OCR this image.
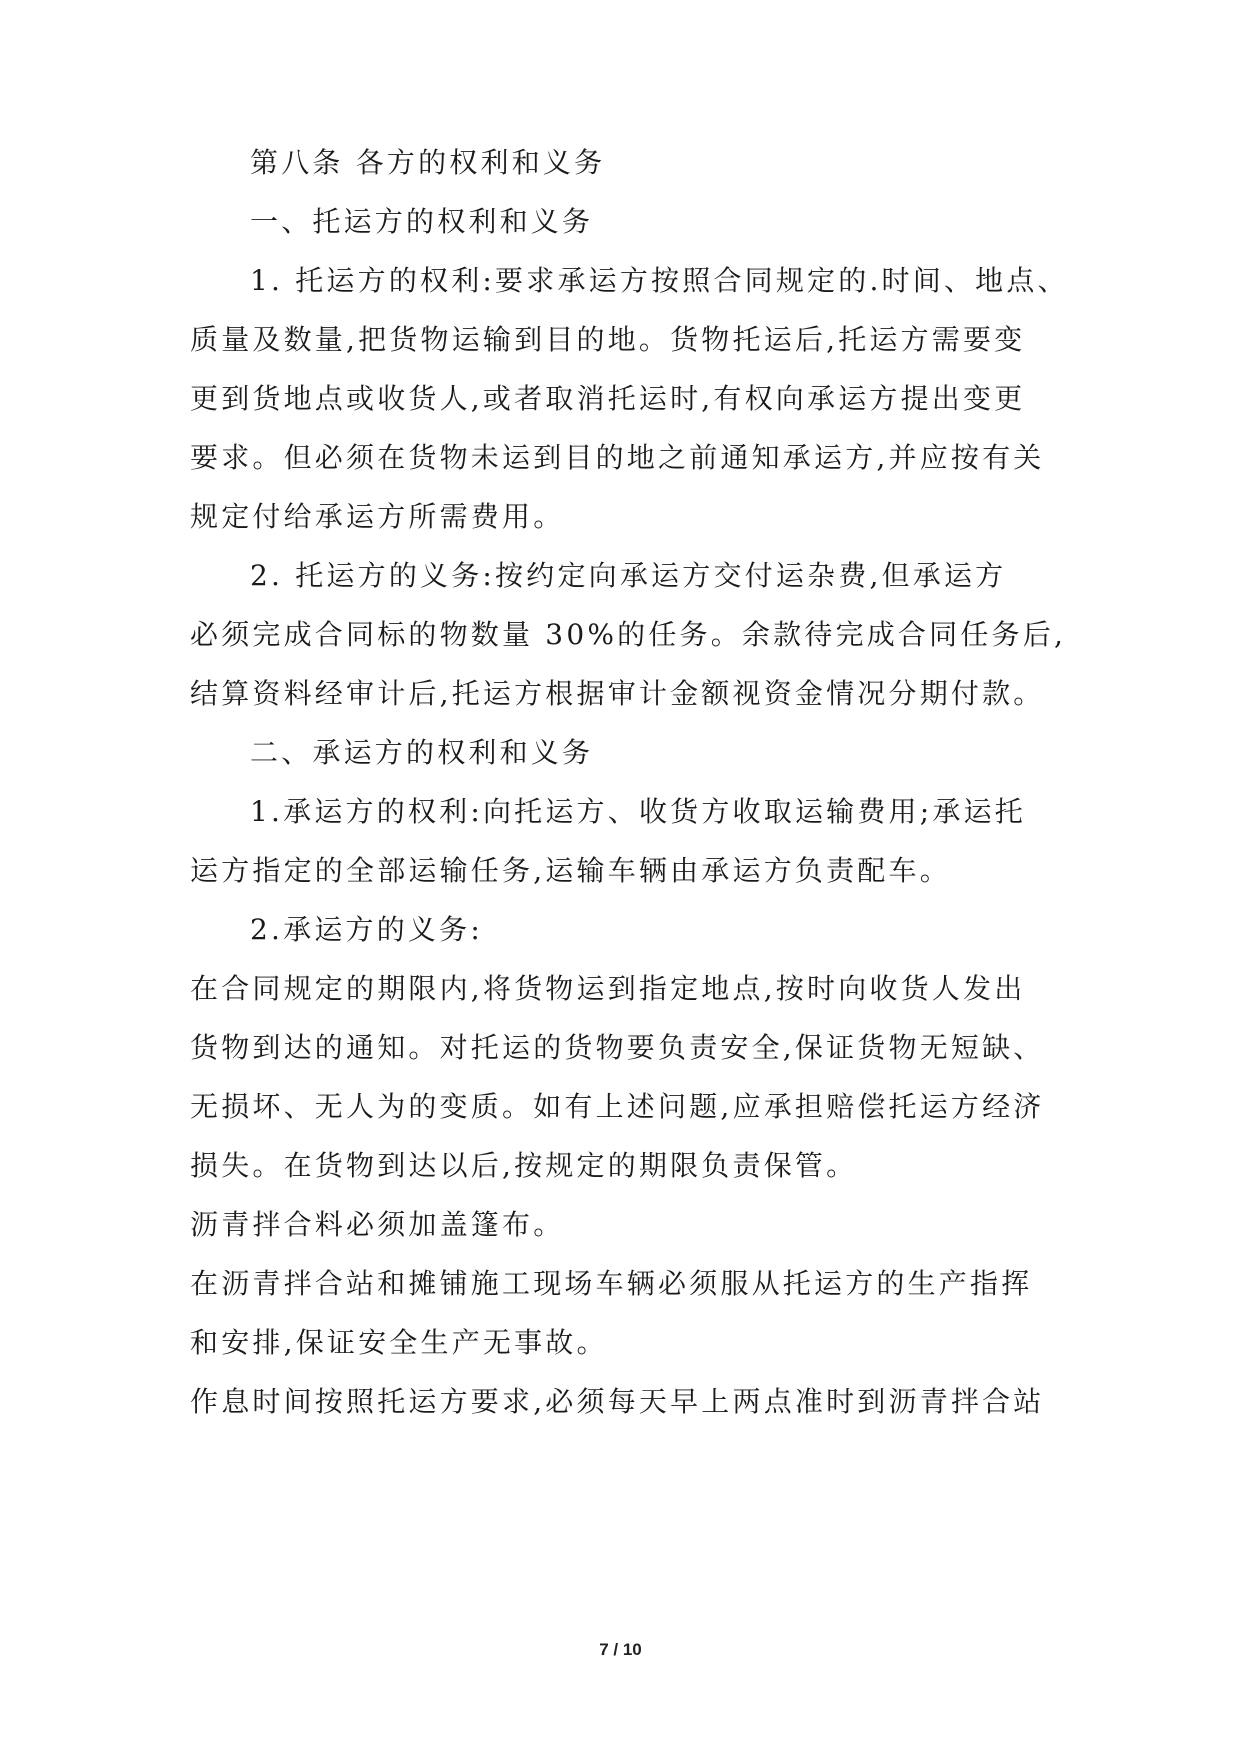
第八条 各方的权利和义务

一、托运方的权利和义务

1. 托运方的权利:要求承运方按照合同规定的.时间、地点、

质量及数量,把货物运输到目的地。货物托运后,托运方需要变

更到货地点或收货人,或者取消托运时,有权向承运方提出变更

要求。但必须在货物未运到目的地之前通知承运方,并应按有关

规定付给承运方所需费用。

2. 托运方的义务:按约定向承运方交付运杂费,但承运方

必须完成合同标的物数量 30%的任务。余款待完成合同任务后,

结算资料经审计后,托运方根据审计金额视资金情况分期付款。

二、承运方的权利和义务

1.承运方的权利:向托运方、收货方收取运输费用;承运托

运方指定的全部运输任务,运输车辆由承运方负责配车。

2.承运方的义务:

在合同规定的期限内,将货物运到指定地点,按时向收货人发出

货物到达的通知。对托运的货物要负责安全,保证货物无短缺、

无损坏、无人为的变质。如有上述问题,应承担赔偿托运方经济

损失。在货物到达以后,按规定的期限负责保管。

沥青拌合料必须加盖篷布。

在沥青拌合站和摊铺施工现场车辆必须服从托运方的生产指挥

和安排,保证安全生产无事故。

作息时间按照托运方要求,必须每天早上两点准时到沥青拌合站

7 / 10
